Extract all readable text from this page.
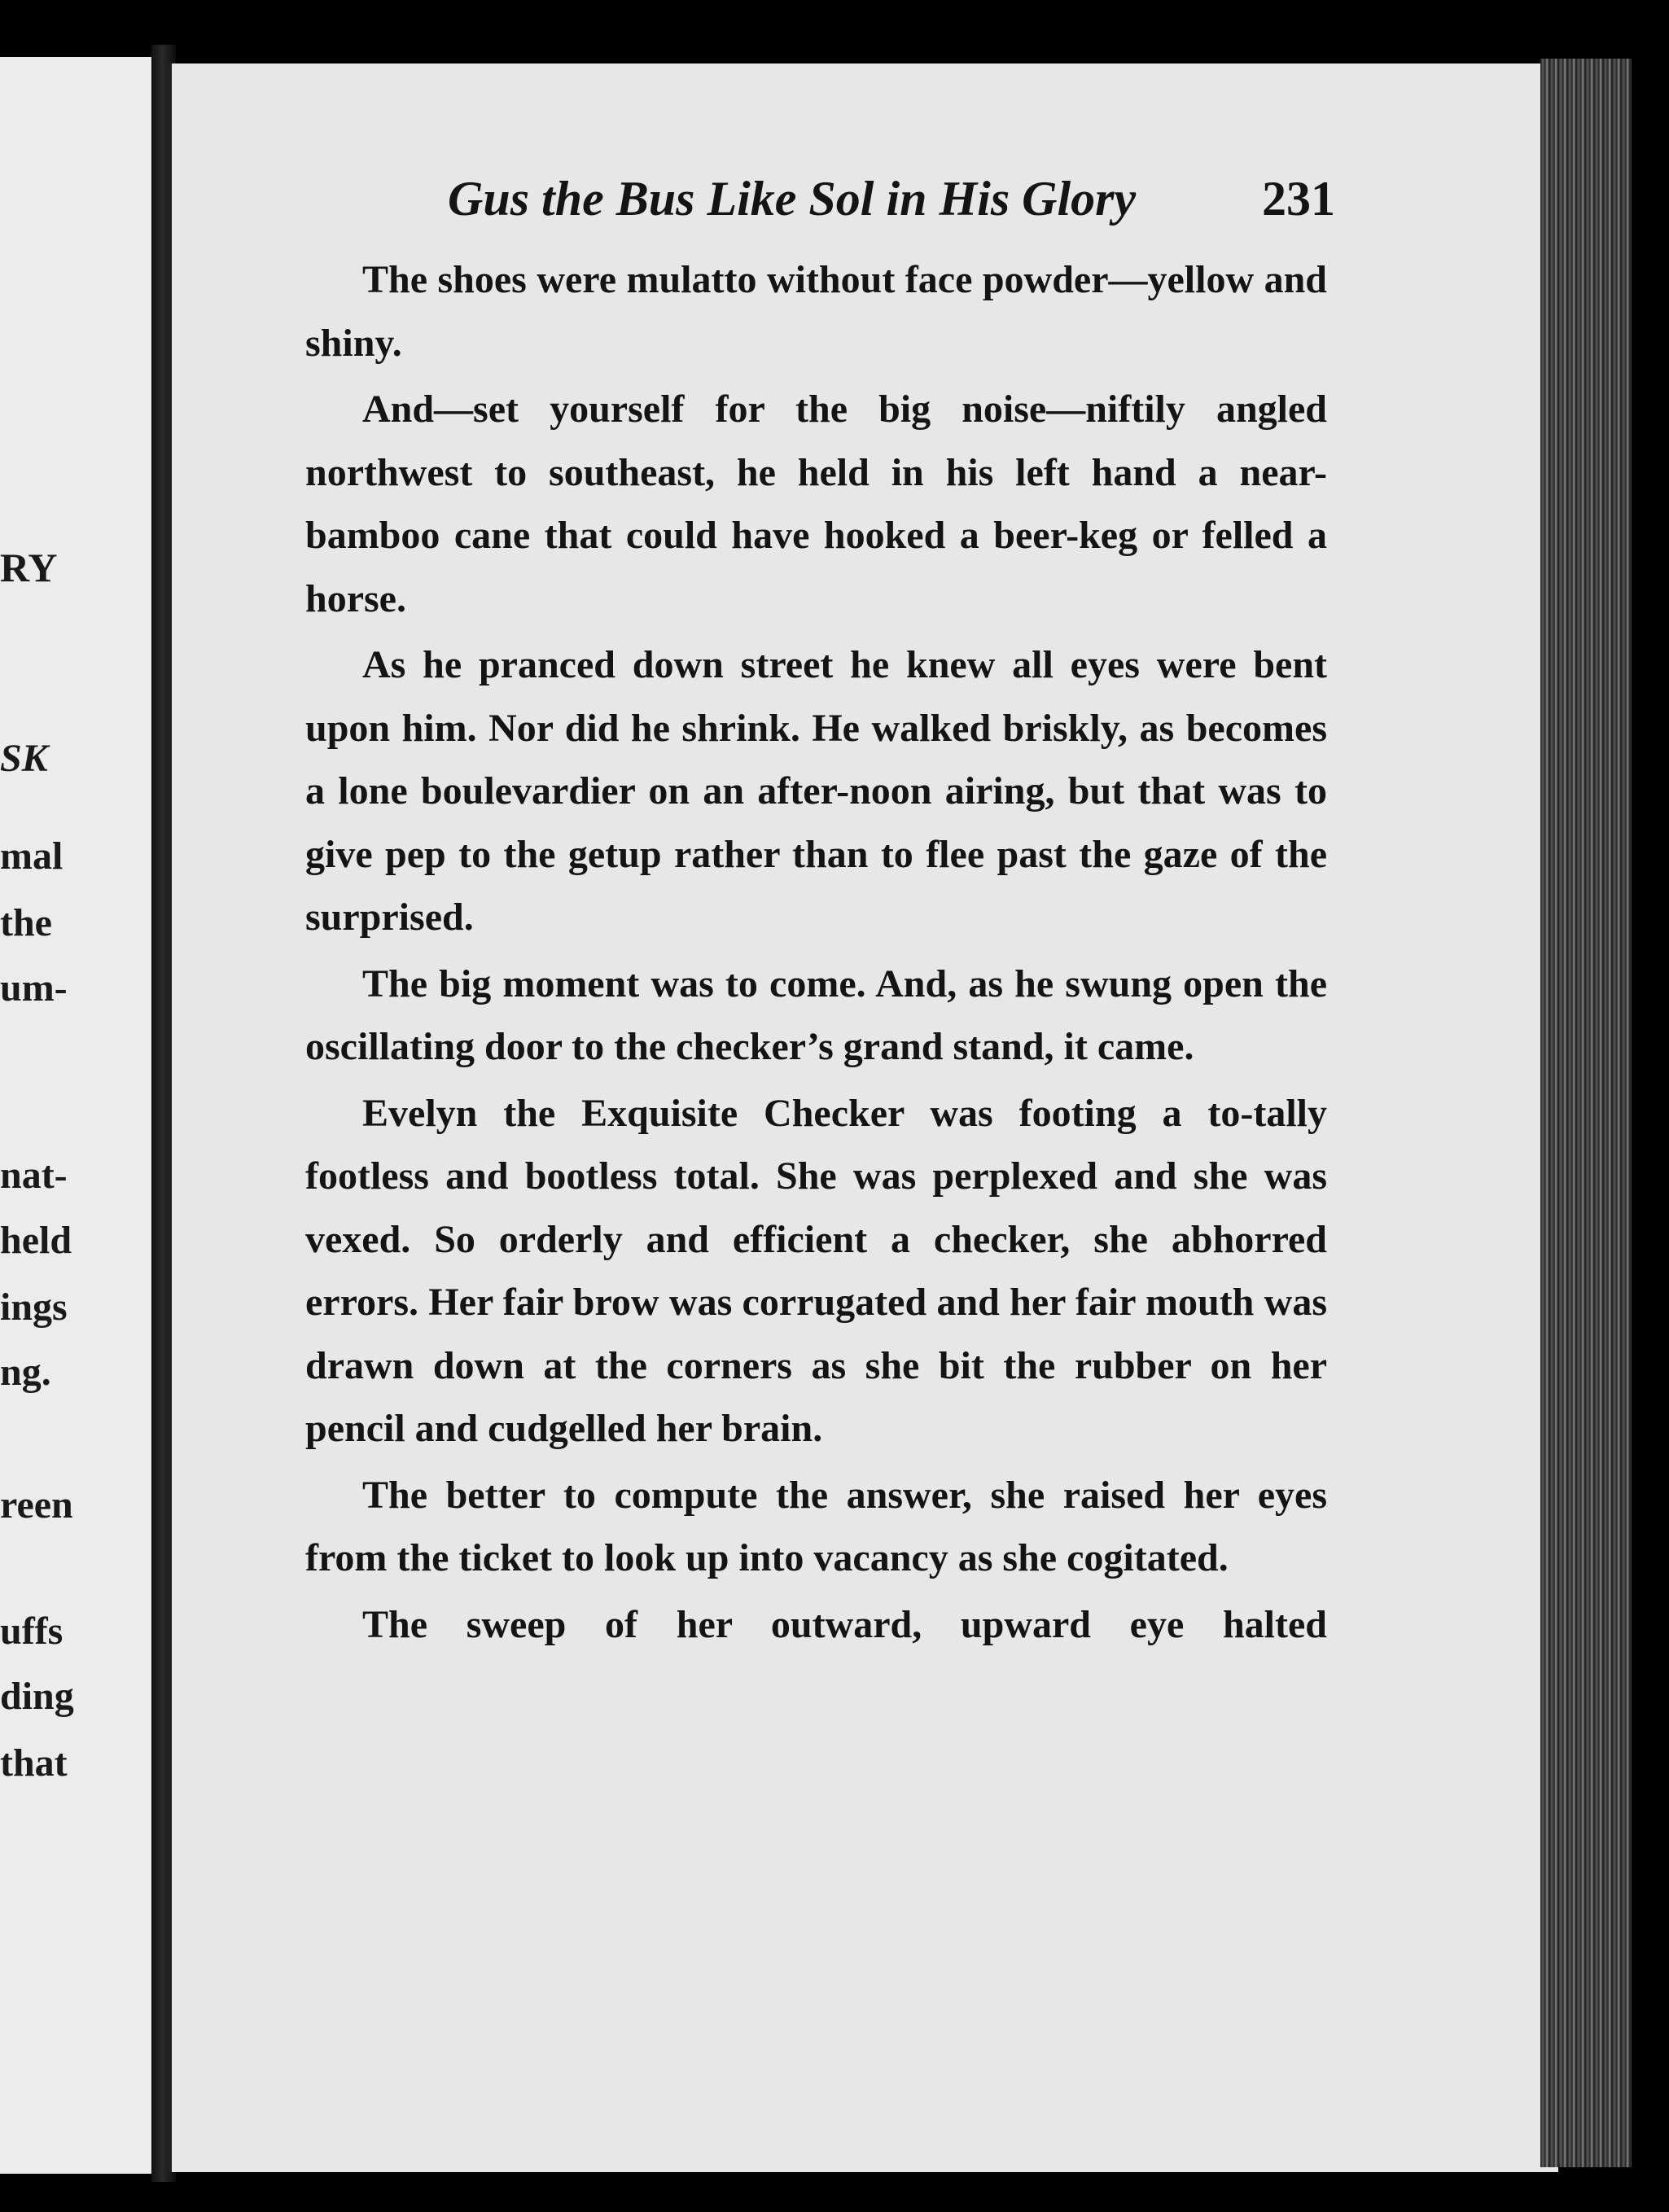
RY
SK
mal
the
um-
nat-
held
ings
ng.
reen
uffs
ding
that
Gus the Bus Like Sol in His Glory	231

The shoes were mulatto without face powder—yellow and shiny.

And—set yourself for the big noise—niftily angled northwest to southeast, he held in his left hand a near-bamboo cane that could have hooked a beer-keg or felled a horse.

As he pranced down street he knew all eyes were bent upon him. Nor did he shrink. He walked briskly, as becomes a lone boulevardier on an after-noon airing, but that was to give pep to the getup rather than to flee past the gaze of the surprised.

The big moment was to come. And, as he swung open the oscillating door to the checker’s grand stand, it came.

Evelyn the Exquisite Checker was footing a to-tally footless and bootless total. She was perplexed and she was vexed. So orderly and efficient a checker, she abhorred errors. Her fair brow was corrugated and her fair mouth was drawn down at the corners as she bit the rubber on her pencil and cudgelled her brain.

The better to compute the answer, she raised her eyes from the ticket to look up into vacancy as she cogitated.

The sweep of her outward, upward eye halted
